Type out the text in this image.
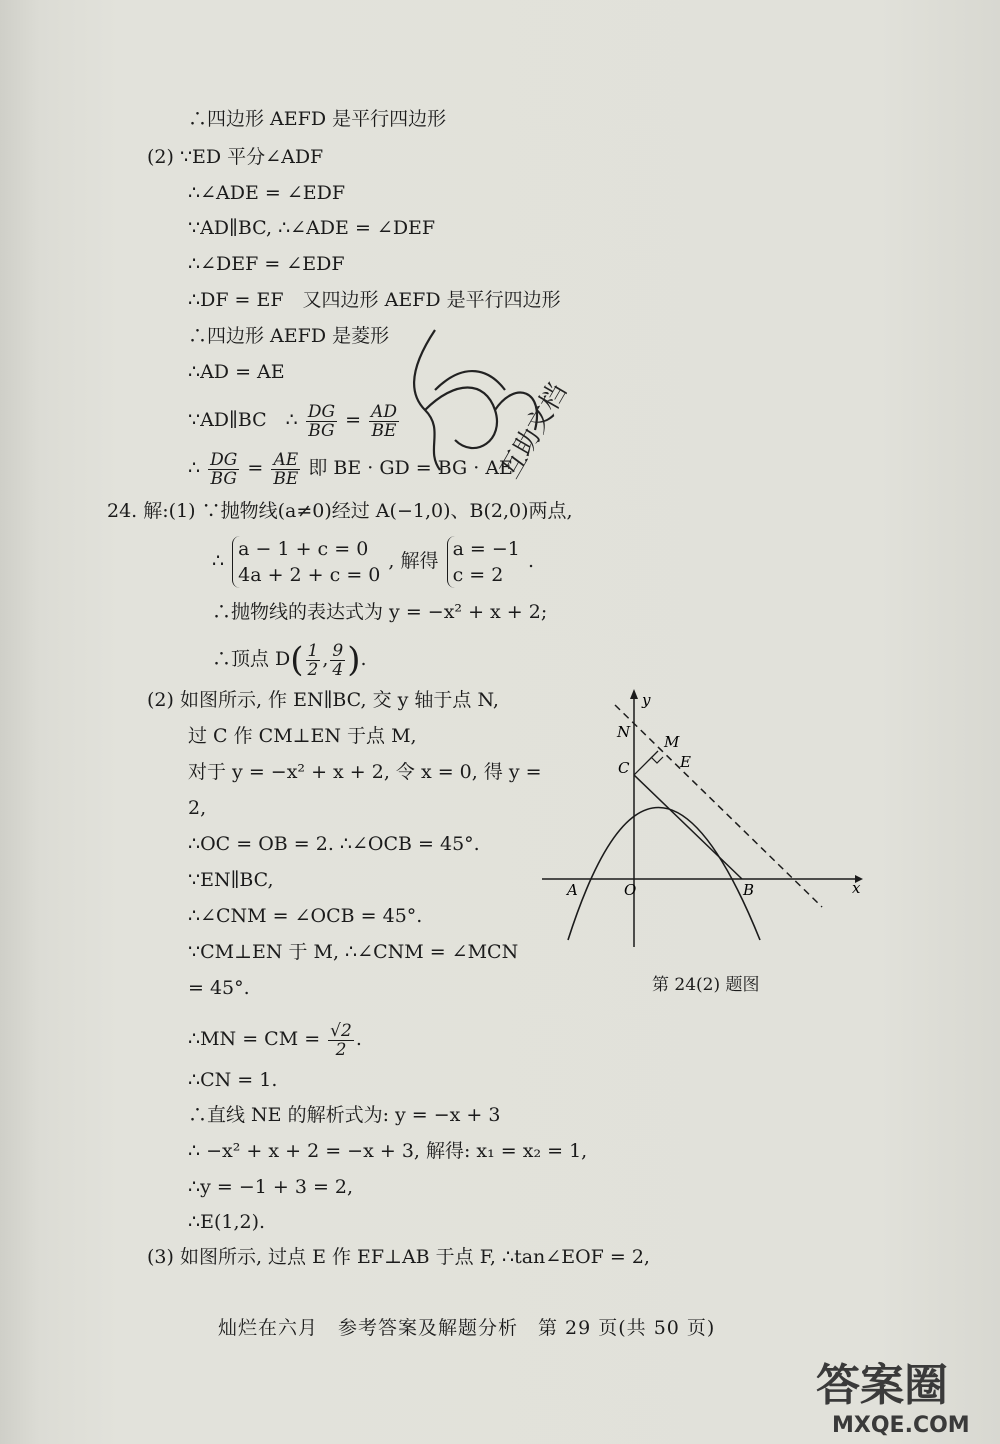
∴四边形 AEFD 是平行四边形
(2) ∵ED 平分∠ADF
∴∠ADE = ∠EDF
∵AD∥BC, ∴∠ADE = ∠DEF
∴∠DEF = ∠EDF
∴DF = EF　又四边形 AEFD 是平行四边形
∴四边形 AEFD 是菱形
∴AD = AE
∵AD∥BC　∴ $\frac{DG}{BG} = \frac{AD}{BE}$
∴ $\frac{DG}{BG} = \frac{AE}{BE}$ 即 BE · GD = BG · AE
24. 解:(1) ∵抛物线(a≠0)经过 A(−1,0)、B(2,0)两点,
∴
a − 1 + c = 0
4a + 2 + c = 0
, 解得
a = −1
c = 2
.
∴抛物线的表达式为 y = −x² + x + 2;
∴顶点 $D( \frac{1}{2}$ , $\frac{9}{4}$ ).
(2) 如图所示, 作 EN∥BC, 交 y 轴于点 N,
过 C 作 CM⊥EN 于点 M,
对于 y = −x² + x + 2, 令 x = 0, 得 y =
2,
∴OC = OB = 2. ∴∠OCB = 45°.
∵EN∥BC,
∴∠CNM = ∠OCB = 45°.
∵CM⊥EN 于 M, ∴∠CNM = ∠MCN
= 45°.
∴MN = CM = $\frac{√2}{2}$ .
∴CN = 1.
∴直线 NE 的解析式为: y = −x + 3
∴ −x² + x + 2 = −x + 3, 解得: x₁ = x₂ = 1,
∴y = −1 + 3 = 2,
∴E(1,2).
(3) 如图所示, 过点 E 作 EF⊥AB 于点 F, ∴tan∠EOF = 2,
y
x
N
M
C	E
A	O	B
第 24(2) 题图
互助文档
灿烂在六月　参考答案及解题分析　第 29 页(共 50 页)
答案圈
MXQE.COM
